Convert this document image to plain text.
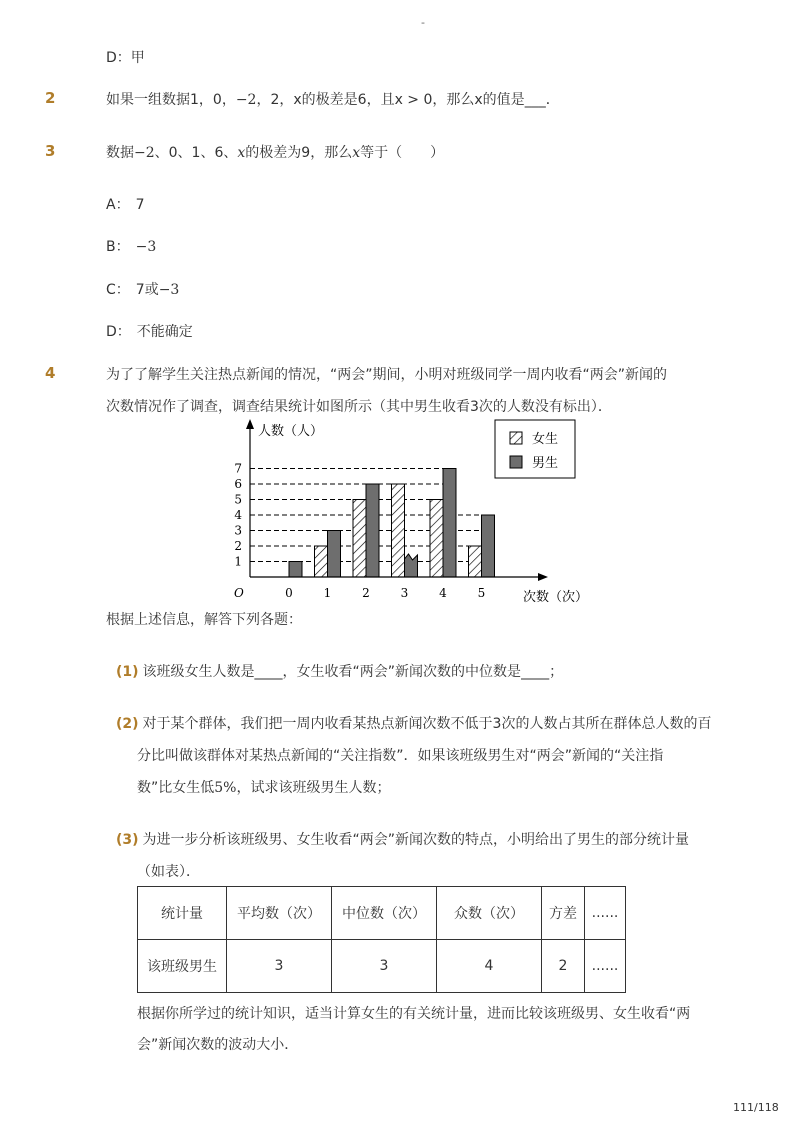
-
D：甲
2	如果一组数据1，0，−2，2，x的极差是6，且x > 0，那么x的值是___．
3	数据−2、0、1、6、x的极差为9，那么x等于（　　）
A： 7
B： −3
C： 7或−3
D： 不能确定
4	为了了解学生关注热点新闻的情况，“两会”期间，小明对班级同学一周内收看“两会”新闻的
次数情况作了调查，调查结果统计如图所示（其中男生收看3次的人数没有标出）．
1
2
3
4
5
6
7
0	1	2	3	4	5
O
人数（人）
次数（次）
女生
男生
根据上述信息，解答下列各题：
(1) 该班级女生人数是____，女生收看“两会”新闻次数的中位数是____；
(2) 对于某个群体，我们把一周内收看某热点新闻次数不低于3次的人数占其所在群体总人数的百
分比叫做该群体对某热点新闻的“关注指数”．如果该班级男生对“两会”新闻的“关注指
数”比女生低5%，试求该班级男生人数；
(3) 为进一步分析该班级男、女生收看“两会”新闻次数的特点，小明给出了男生的部分统计量
（如表）．
统计量	平均数（次）	中位数（次）	众数（次）	方差	......
该班级男生	3	3	4	2	......
根据你所学过的统计知识，适当计算女生的有关统计量，进而比较该班级男、女生收看“两
会”新闻次数的波动大小．
111/118
